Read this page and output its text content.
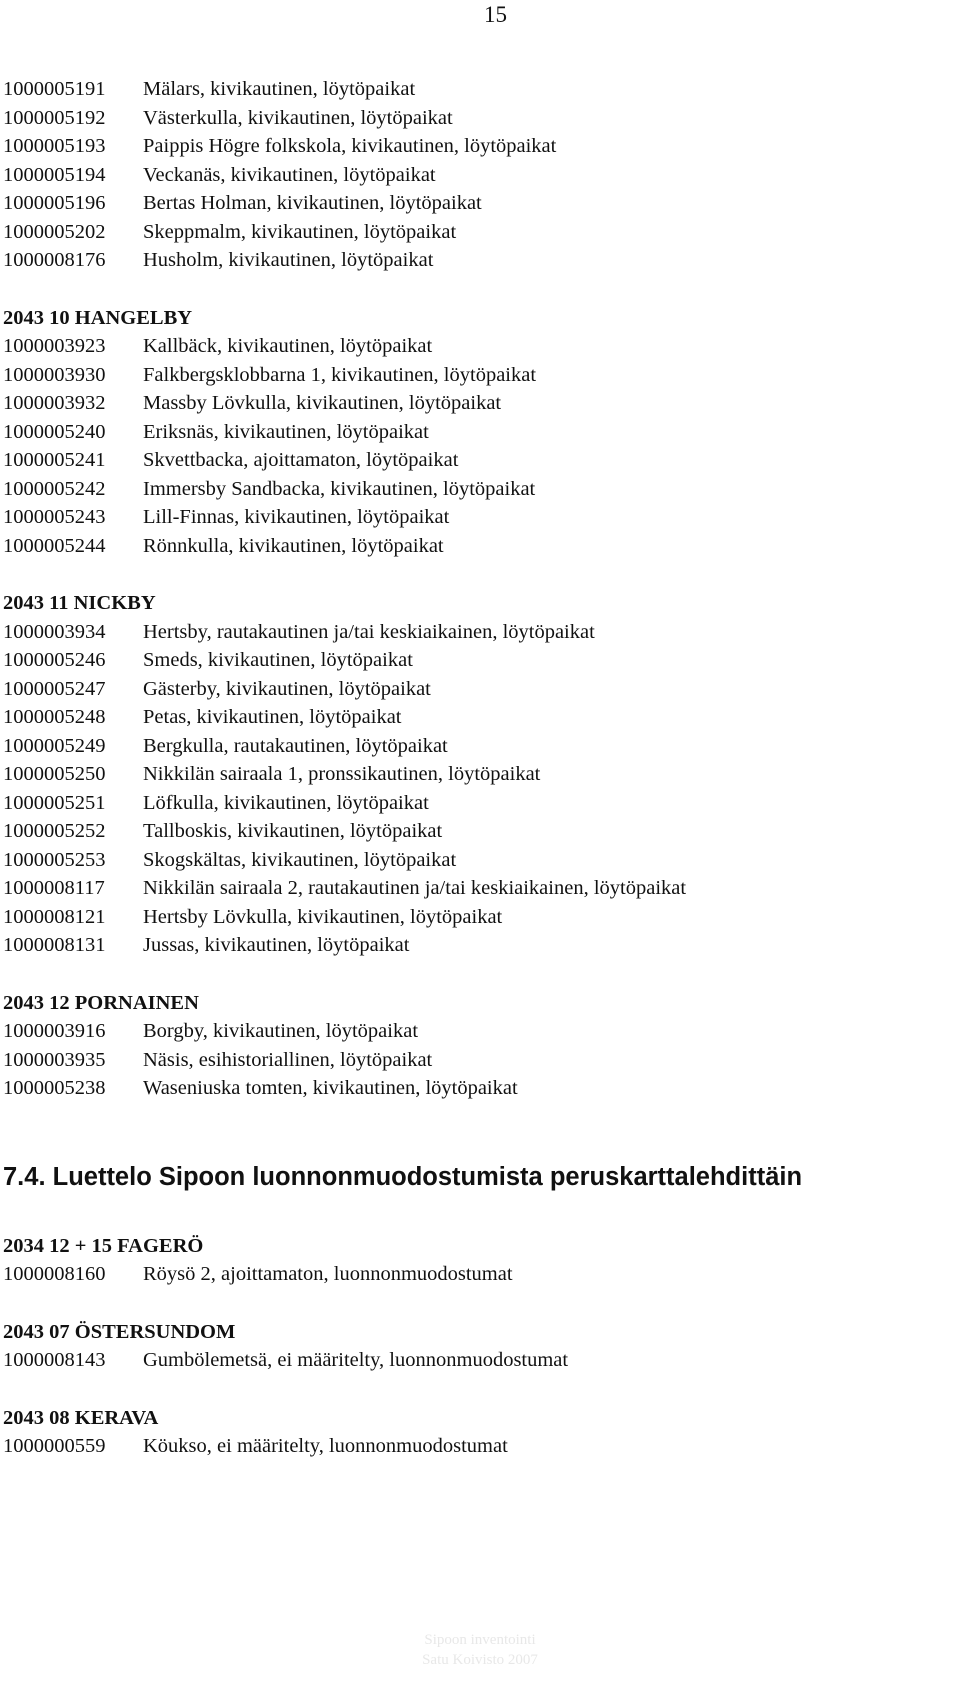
15
1000005191 Mälars, kivikautinen, löytöpaikat
1000005192 Västerkulla, kivikautinen, löytöpaikat
1000005193 Paippis Högre folkskola, kivikautinen, löytöpaikat
1000005194 Veckanäs, kivikautinen, löytöpaikat
1000005196 Bertas Holman, kivikautinen, löytöpaikat
1000005202 Skeppmalm, kivikautinen, löytöpaikat
1000008176 Husholm, kivikautinen, löytöpaikat
2043 10 HANGELBY
1000003923 Kallbäck, kivikautinen, löytöpaikat
1000003930 Falkbergsklobbarna 1, kivikautinen, löytöpaikat
1000003932 Massby Lövkulla, kivikautinen, löytöpaikat
1000005240 Eriksnäs, kivikautinen, löytöpaikat
1000005241 Skvettbacka, ajoittamaton, löytöpaikat
1000005242 Immersby Sandbacka, kivikautinen, löytöpaikat
1000005243 Lill-Finnas, kivikautinen, löytöpaikat
1000005244 Rönnkulla, kivikautinen, löytöpaikat
2043 11 NICKBY
1000003934 Hertsby, rautakautinen ja/tai keskiaikainen, löytöpaikat
1000005246 Smeds, kivikautinen, löytöpaikat
1000005247 Gästerby, kivikautinen, löytöpaikat
1000005248 Petas, kivikautinen, löytöpaikat
1000005249 Bergkulla, rautakautinen, löytöpaikat
1000005250 Nikkilän sairaala 1, pronssikautinen, löytöpaikat
1000005251 Löfkulla, kivikautinen, löytöpaikat
1000005252 Tallboskis, kivikautinen, löytöpaikat
1000005253 Skogskältas, kivikautinen, löytöpaikat
1000008117 Nikkilän sairaala 2, rautakautinen ja/tai keskiaikainen, löytöpaikat
1000008121 Hertsby Lövkulla, kivikautinen, löytöpaikat
1000008131 Jussas, kivikautinen, löytöpaikat
2043 12 PORNAINEN
1000003916 Borgby, kivikautinen, löytöpaikat
1000003935 Näsis, esihistoriallinen, löytöpaikat
1000005238 Waseniuska tomten, kivikautinen, löytöpaikat
7.4. Luettelo Sipoon luonnonmuodostumista peruskarttalehdittäin
2034 12 + 15 FAGERÖ
1000008160 Röysö 2, ajoittamaton, luonnonmuodostumat
2043 07 ÖSTERSUNDOM
1000008143 Gumbölemetsä, ei määritelty, luonnonmuodostumat
2043 08 KERAVA
1000000559 Köukso, ei määritelty, luonnonmuodostumat
Sipoon inventointi
Satu Koivisto 2007
